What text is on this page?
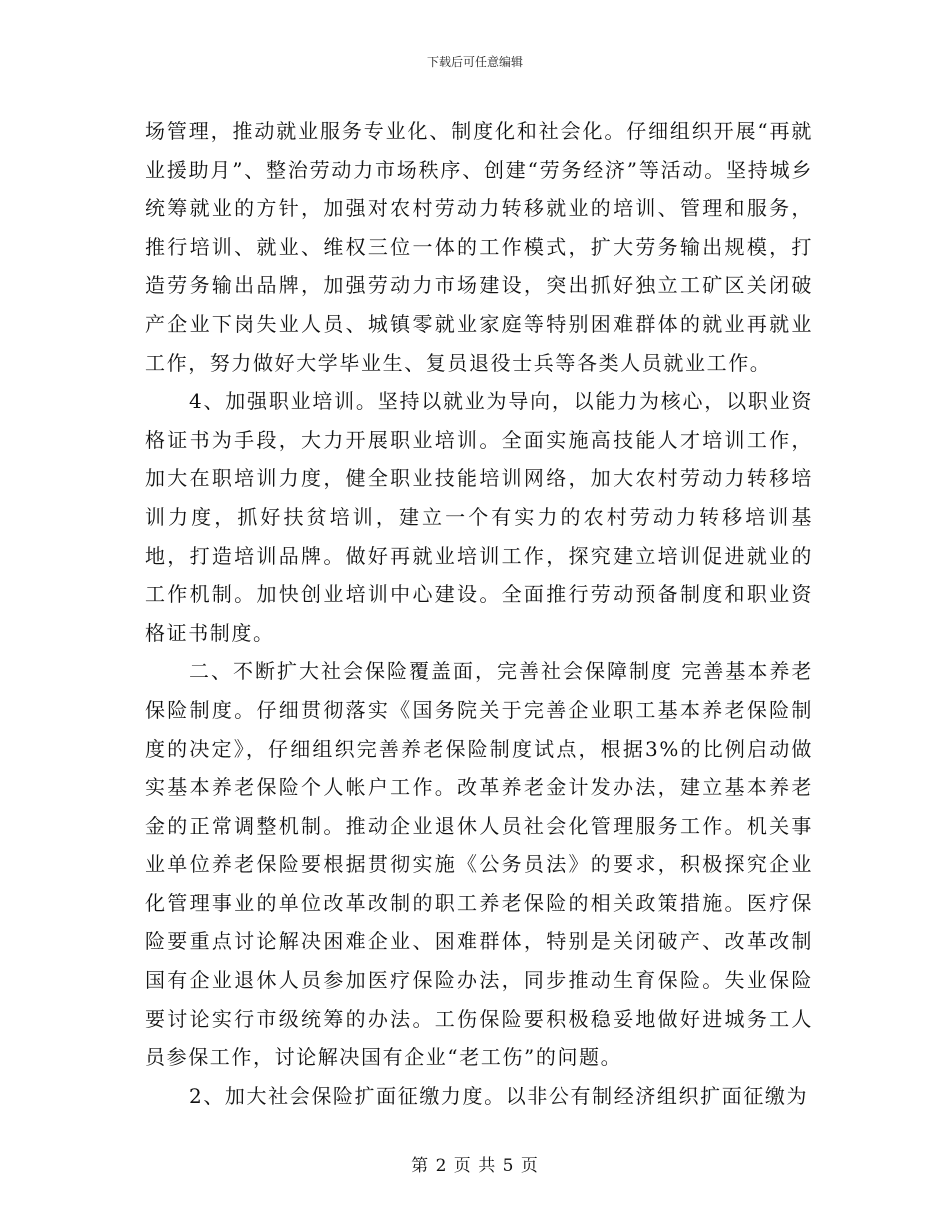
下载后可任意编辑

场管理，推动就业服务专业化、制度化和社会化。仔细组织开展“再就业援助月”、整治劳动力市场秩序、创建“劳务经济”等活动。坚持城乡统筹就业的方针，加强对农村劳动力转移就业的培训、管理和服务，推行培训、就业、维权三位一体的工作模式，扩大劳务输出规模，打造劳务输出品牌，加强劳动力市场建设，突出抓好独立工矿区关闭破产企业下岗失业人员、城镇零就业家庭等特别困难群体的就业再就业工作，努力做好大学毕业生、复员退役士兵等各类人员就业工作。

4、加强职业培训。坚持以就业为导向，以能力为核心，以职业资格证书为手段，大力开展职业培训。全面实施高技能人才培训工作，加大在职培训力度，健全职业技能培训网络，加大农村劳动力转移培训力度，抓好扶贫培训，建立一个有实力的农村劳动力转移培训基地，打造培训品牌。做好再就业培训工作，探究建立培训促进就业的工作机制。加快创业培训中心建设。全面推行劳动预备制度和职业资格证书制度。

二、不断扩大社会保险覆盖面，完善社会保障制度 完善基本养老保险制度。仔细贯彻落实《国务院关于完善企业职工基本养老保险制度的决定》，仔细组织完善养老保险制度试点，根据3%的比例启动做实基本养老保险个人帐户工作。改革养老金计发办法，建立基本养老金的正常调整机制。推动企业退休人员社会化管理服务工作。机关事业单位养老保险要根据贯彻实施《公务员法》的要求，积极探究企业化管理事业的单位改革改制的职工养老保险的相关政策措施。医疗保险要重点讨论解决困难企业、困难群体，特别是关闭破产、改革改制国有企业退休人员参加医疗保险办法，同步推动生育保险。失业保险要讨论实行市级统筹的办法。工伤保险要积极稳妥地做好进城务工人员参保工作，讨论解决国有企业“老工伤”的问题。

2、加大社会保险扩面征缴力度。以非公有制经济组织扩面征缴为

第 2 页 共 5 页
